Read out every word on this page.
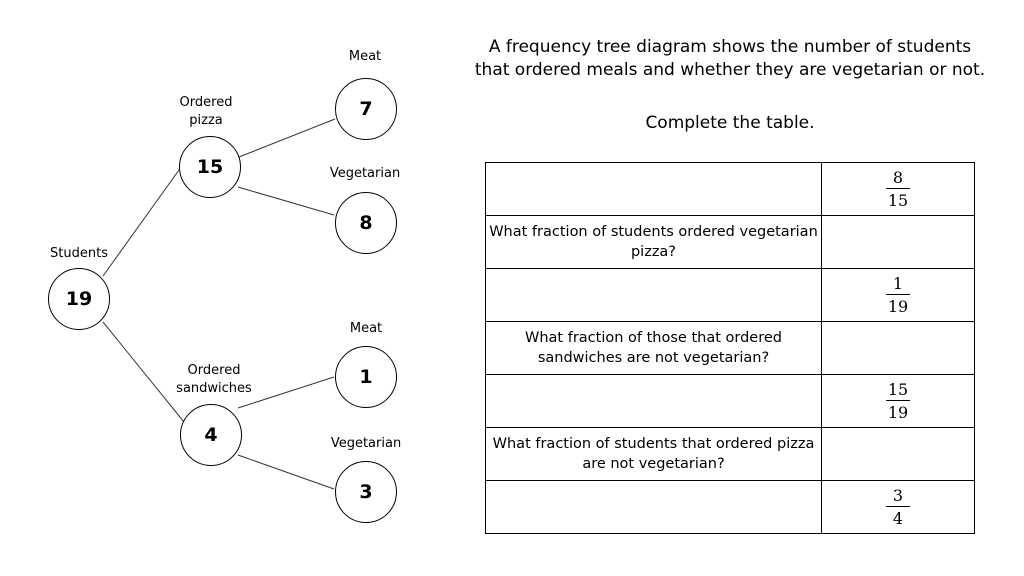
Students
19
Ordered
pizza
15
Meat
7
Vegetarian
8
Ordered
sandwiches
4
Meat
1
Vegetarian
3
A frequency tree diagram shows the number of students
that ordered meals and whether they are vegetarian or not.
Complete the table.

	$\frac{8}{15}$

What fraction of students ordered vegetarian pizza?	

	$\frac{1}{19}$

What fraction of those that ordered sandwiches are not vegetarian?	

	$\frac{15}{19}$

What fraction of students that ordered pizza are not vegetarian?	

	$\frac{3}{4}$
